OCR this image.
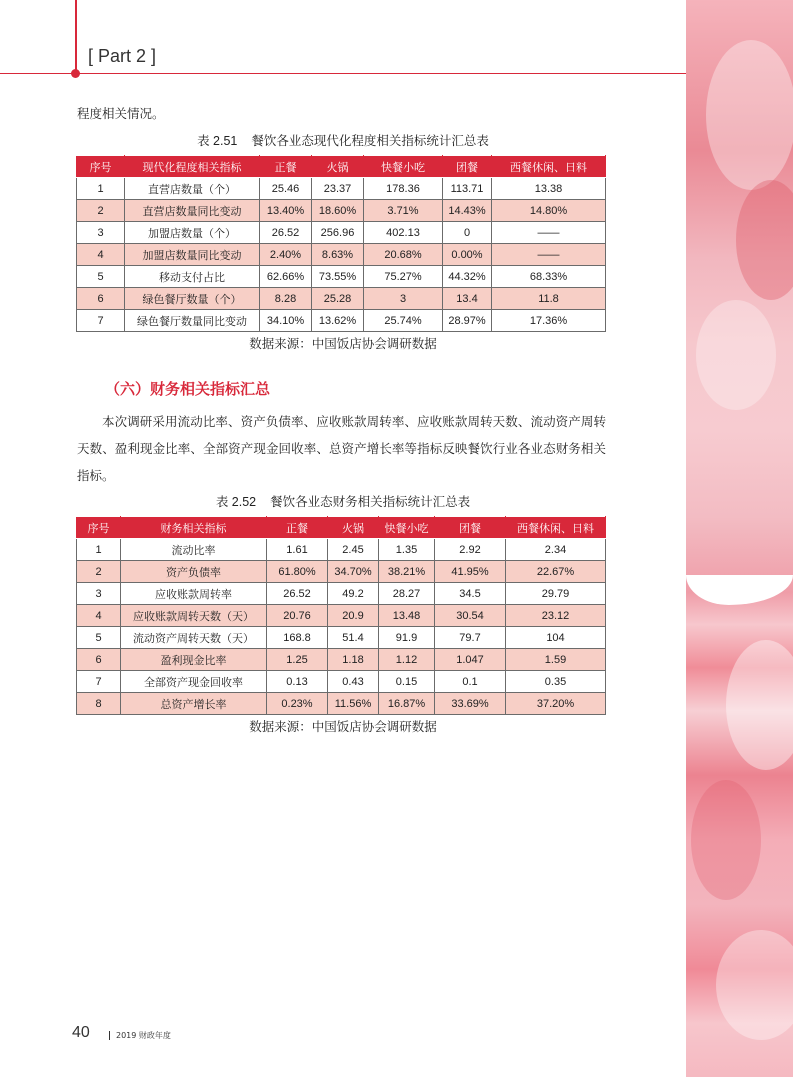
[ Part 2 ]
程度相关情况。
表 2.51 餐饮各业态现代化程度相关指标统计汇总表
序号	现代化程度相关指标	正餐	火锅	快餐小吃	团餐	西餐休闲、日料
1	直营店数量（个）	25.46	23.37	178.36	113.71	13.38
2	直营店数量同比变动	13.40%	18.60%	3.71%	14.43%	14.80%
3	加盟店数量（个）	26.52	256.96	402.13	0	——
4	加盟店数量同比变动	2.40%	8.63%	20.68%	0.00%	——
5	移动支付占比	62.66%	73.55%	75.27%	44.32%	68.33%
6	绿色餐厅数量（个）	8.28	25.28	3	13.4	11.8
7	绿色餐厅数量同比变动	34.10%	13.62%	25.74%	28.97%	17.36%
数据来源：中国饭店协会调研数据
（六）财务相关指标汇总
本次调研采用流动比率、资产负债率、应收账款周转率、应收账款周转天数、流动资产周转天数、盈利现金比率、全部资产现金回收率、总资产增长率等指标反映餐饮行业各业态财务相关指标。
表 2.52 餐饮各业态财务相关指标统计汇总表
序号	财务相关指标	正餐	火锅	快餐小吃	团餐	西餐休闲、日料
1	流动比率	1.61	2.45	1.35	2.92	2.34
2	资产负债率	61.80%	34.70%	38.21%	41.95%	22.67%
3	应收账款周转率	26.52	49.2	28.27	34.5	29.79
4	应收账款周转天数（天）	20.76	20.9	13.48	30.54	23.12
5	流动资产周转天数（天）	168.8	51.4	91.9	79.7	104
6	盈利现金比率	1.25	1.18	1.12	1.047	1.59
7	全部资产现金回收率	0.13	0.43	0.15	0.1	0.35
8	总资产增长率	0.23%	11.56%	16.87%	33.69%	37.20%
数据来源：中国饭店协会调研数据
40	2019 财政年度
